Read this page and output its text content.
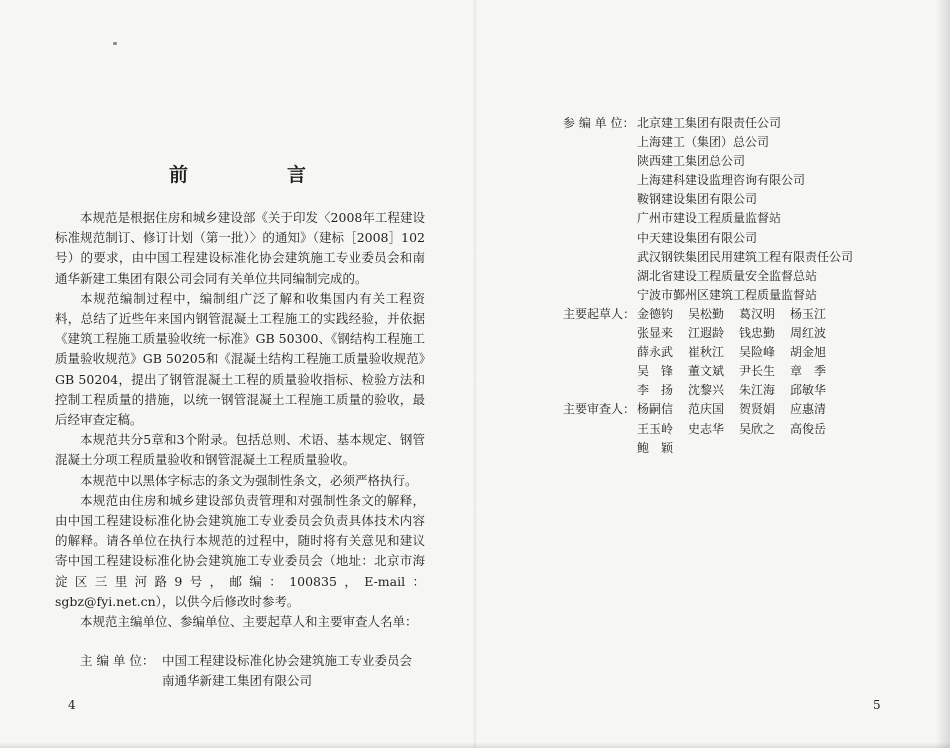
前　言

本规范是根据住房和城乡建设部《关于印发〈2008年工程建设标准规范制订、修订计划（第一批）〉的通知》（建标［2008］102号）的要求，由中国工程建设标准化协会建筑施工专业委员会和南通华新建工集团有限公司会同有关单位共同编制完成的。

本规范编制过程中，编制组广泛了解和收集国内有关工程资料，总结了近些年来国内钢管混凝土工程施工的实践经验，并依据《建筑工程施工质量验收统一标准》GB 50300、《钢结构工程施工质量验收规范》GB 50205和《混凝土结构工程施工质量验收规范》GB 50204，提出了钢管混凝土工程的质量验收指标、检验方法和控制工程质量的措施，以统一钢管混凝土工程施工质量的验收，最后经审查定稿。

本规范共分5章和3个附录。包括总则、术语、基本规定、钢管混凝土分项工程质量验收和钢管混凝土工程质量验收。

本规范中以黑体字标志的条文为强制性条文，必须严格执行。

本规范由住房和城乡建设部负责管理和对强制性条文的解释，由中国工程建设标准化协会建筑施工专业委员会负责具体技术内容的解释。请各单位在执行本规范的过程中，随时将有关意见和建议寄中国工程建设标准化协会建筑施工专业委员会（地址：北京市海淀区三里河路9号，邮编：100835，E-mail：sgbz@fyi.net.cn），以供今后修改时参考。

本规范主编单位、参编单位、主要起草人和主要审查人名单：

主 编 单 位： 中国工程建设标准化协会建筑施工专业委员会
南通华新建工集团有限公司
4
参 编 单 位： 北京建工集团有限责任公司
上海建工（集团）总公司
陕西建工集团总公司
上海建科建设监理咨询有限公司
鞍钢建设集团有限公司
广州市建设工程质量监督站
中天建设集团有限公司
武汉钢铁集团民用建筑工程有限责任公司
湖北省建设工程质量安全监督总站
宁波市鄞州区建筑工程质量监督站
主要起草人： 金德钧	吴松勤	葛汉明	杨玉江
张显来	江遐龄	钱忠勤	周红波
薛永武	崔秋江	吴险峰	胡金旭
吴　锋	董文斌	尹长生	章　季
李　扬	沈黎兴	朱江海	邱敏华
主要审查人： 杨嗣信	范庆国	贺贤娟	应惠清
王玉岭	史志华	吴欣之	高俊岳
鲍　颖
5
